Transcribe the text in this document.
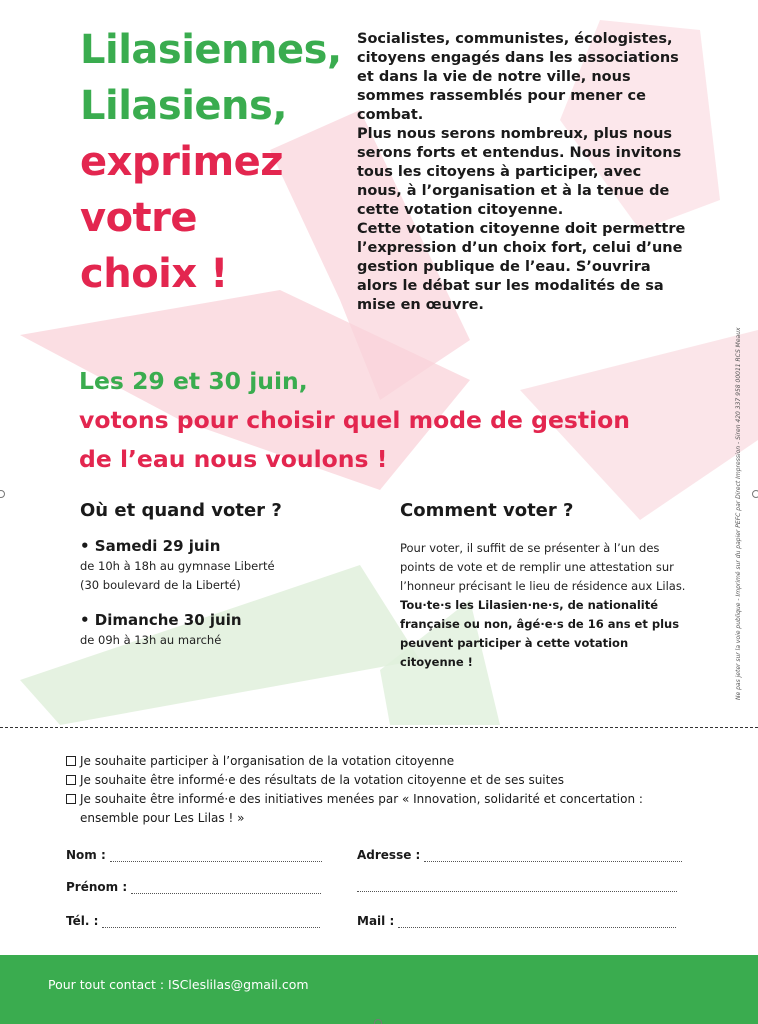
Lilasiennes,
Lilasiens,
exprimez
votre
choix !

Socialistes, communistes, écologistes, citoyens engagés dans les associations et dans la vie de notre ville, nous sommes rassemblés pour mener ce combat.

Plus nous serons nombreux, plus nous serons forts et entendus. Nous invitons tous les citoyens à participer, avec nous, à l’organisation et à la tenue de cette votation citoyenne.

Cette votation citoyenne doit permettre l’expression d’un choix fort, celui d’une gestion publique de l’eau. S’ouvrira alors le débat sur les modalités de sa mise en œuvre.

Les 29 et 30 juin,
votons pour choisir quel mode de gestion
de l’eau nous voulons !
Où et quand voter ?
• Samedi 29 juin
de 10h à 18h au gymnase Liberté
(30 boulevard de la Liberté)
• Dimanche 30 juin
de 09h à 13h au marché
Comment voter ?
Pour voter, il suffit de se présenter à l’un des points de vote et de remplir une attestation sur l’honneur précisant le lieu de résidence aux Lilas.
Tou·te·s les Lilasien·ne·s, de nationalité française ou non, âgé·e·s de 16 ans et plus peuvent participer à cette votation citoyenne !	Ne pas jeter sur la voie publique - Imprimé sur du papier PEFC par Direct Impression - Siren 420 337 958 00011 RCS Meaux
Je souhaite participer à l’organisation de la votation citoyenne
Je souhaite être informé·e des résultats de la votation citoyenne et de ses suites
Je souhaite être informé·e des initiatives menées par « Innovation, solidarité et concertation :
ensemble pour Les Lilas ! »
Nom :	Adresse :
Prénom :
Tél. :	Mail :
Pour tout contact : ISCleslilas@gmail.com
